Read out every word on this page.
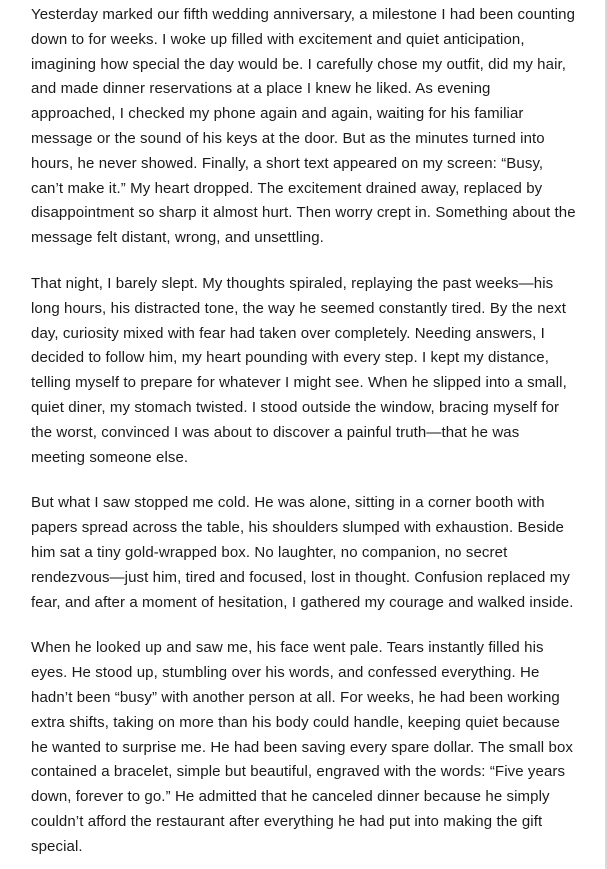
Yesterday marked our fifth wedding anniversary, a milestone I had been counting down to for weeks. I woke up filled with excitement and quiet anticipation, imagining how special the day would be. I carefully chose my outfit, did my hair, and made dinner reservations at a place I knew he liked. As evening approached, I checked my phone again and again, waiting for his familiar message or the sound of his keys at the door. But as the minutes turned into hours, he never showed. Finally, a short text appeared on my screen: “Busy, can’t make it.” My heart dropped. The excitement drained away, replaced by disappointment so sharp it almost hurt. Then worry crept in. Something about the message felt distant, wrong, and unsettling.

That night, I barely slept. My thoughts spiraled, replaying the past weeks—his long hours, his distracted tone, the way he seemed constantly tired. By the next day, curiosity mixed with fear had taken over completely. Needing answers, I decided to follow him, my heart pounding with every step. I kept my distance, telling myself to prepare for whatever I might see. When he slipped into a small, quiet diner, my stomach twisted. I stood outside the window, bracing myself for the worst, convinced I was about to discover a painful truth—that he was meeting someone else.

But what I saw stopped me cold. He was alone, sitting in a corner booth with papers spread across the table, his shoulders slumped with exhaustion. Beside him sat a tiny gold-wrapped box. No laughter, no companion, no secret rendezvous—just him, tired and focused, lost in thought. Confusion replaced my fear, and after a moment of hesitation, I gathered my courage and walked inside.

When he looked up and saw me, his face went pale. Tears instantly filled his eyes. He stood up, stumbling over his words, and confessed everything. He hadn’t been “busy” with another person at all. For weeks, he had been working extra shifts, taking on more than his body could handle, keeping quiet because he wanted to surprise me. He had been saving every spare dollar. The small box contained a bracelet, simple but beautiful, engraved with the words: “Five years down, forever to go.” He admitted that he canceled dinner because he simply couldn’t afford the restaurant after everything he had put into making the gift special.
